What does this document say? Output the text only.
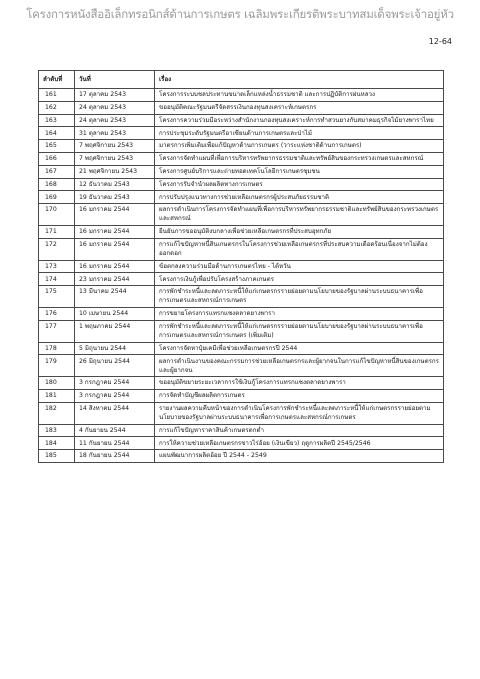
โครงการหนังสืออิเล็กทรอนิกส์ด้านการเกษตร เฉลิมพระเกียรติพระบาทสมเด็จพระเจ้าอยู่หัว
12-64
ลำดับที่	วันที่	เรื่อง
161	17 ตุลาคม 2543	โครงการระบบชลประทานขนาดเล็กแหล่งน้ำธรรมชาติ และการปฏิบัติการฝนหลวง
162	24 ตุลาคม 2543	ขออนุมัติคณะรัฐมนตรีจัดสรรเงินกองทุนสงเคราะห์เกษตรกร
163	24 ตุลาคม 2543	โครงการความร่วมมือระหว่างสำนักงานกองทุนสงเคราะห์การทำสวนยางกับสมาคมธุรกิจไม้ยางพาราไทย
164	31 ตุลาคม 2543	การประชุมระดับรัฐมนตรีอาเซียนด้านการเกษตรและป่าไม้
165	7 พฤศจิกายน 2543	มาตรการเพิ่มเติมเพื่อแก้ปัญหาด้านการเกษตร (วาระแห่งชาติด้านการเกษตร)
166	7 พฤศจิกายน 2543	โครงการจัดทำแผนที่เพื่อการบริหารทรัพยากรธรรมชาติและทรัพย์สินของกระทรวงเกษตรและสหกรณ์
167	21 พฤศจิกายน 2543	โครงการศูนย์บริการและถ่ายทอดเทคโนโลยีการเกษตรชุมชน
168	12 ธันวาคม 2543	โครงการรับจำนำผลผลิตทางการเกษตร
169	19 ธันวาคม 2543	การปรับปรุงแนวทางการช่วยเหลือเกษตรกรผู้ประสบภัยธรรมชาติ
170	16 มกราคม 2544	ผลการดำเนินการโครงการจัดทำแผนที่เพื่อการบริหารทรัพยากรธรรมชาติและทรัพย์สินของกระทรวงเกษตรและสหกรณ์
171	16 มกราคม 2544	ยืนยันการขออนุมัติงบกลางเพื่อช่วยเหลือเกษตรกรที่ประสบอุทกภัย
172	16 มกราคม 2544	การแก้ไขปัญหาหนี้สินเกษตรกรในโครงการช่วยเหลือเกษตรกรที่ประสบความเดือดร้อนเนื่องจากไม่ต้องออกดอก
173	16 มกราคม 2544	ข้อตกลงความร่วมมือด้านการเกษตรไทย - ไต้หวัน
174	23 มกราคม 2544	โครงการเงินกู้เพื่อปรับโครงสร้างภาคเกษตร
175	13 มีนาคม 2544	การพักชำระหนี้และลดภาระหนี้ให้แก่เกษตรกรรายย่อยตามนโยบายของรัฐบาลผ่านระบบธนาคารเพื่อการเกษตรและสหกรณ์การเกษตร
176	10 เมษายน 2544	การขยายโครงการแทรกแซงตลาดยางพารา
177	1 พฤษภาคม 2544	การพักชำระหนี้และลดภาระหนี้ให้แก่เกษตรกรรายย่อยตามนโยบายของรัฐบาลผ่านระบบธนาคารเพื่อการเกษตรและสหกรณ์การเกษตร (เพิ่มเติม)
178	5 มิถุนายน 2544	โครงการจัดหาปุ๋ยเคมีเพื่อช่วยเหลือเกษตรกรปี 2544
179	26 มิถุนายน 2544	ผลการดำเนินงานของคณะกรรมการช่วยเหลือเกษตรกรและผู้ยากจนในการแก้ไขปัญหาหนี้สินของเกษตรกรและผู้ยากจน
180	3 กรกฎาคม 2544	ขออนุมัติขยายระยะเวลาการใช้เงินกู้โครงการแทรกแซงตลาดยางพารา
181	3 กรกฎาคม 2544	การจัดทำบัญชีผลผลิตการเกษตร
182	14 สิงหาคม 2544	รายงานผลความคืบหน้าของการดำเนินโครงการพักชำระหนี้และลดภาระหนี้ให้แก่เกษตรกรรายย่อยตามนโยบายของรัฐบาลผ่านระบบธนาคารเพื่อการเกษตรและสหกรณ์การเกษตร
183	4 กันยายน 2544	การแก้ไขปัญหาราคาสินค้าเกษตรตกต่ำ
184	11 กันยายน 2544	การให้ความช่วยเหลือเกษตรกรชาวไร่อ้อย (เงินเขียว) ฤดูการผลิตปี 2545/2546
185	18 กันยายน 2544	แผนพัฒนาการผลิตอ้อย ปี 2544 - 2549
